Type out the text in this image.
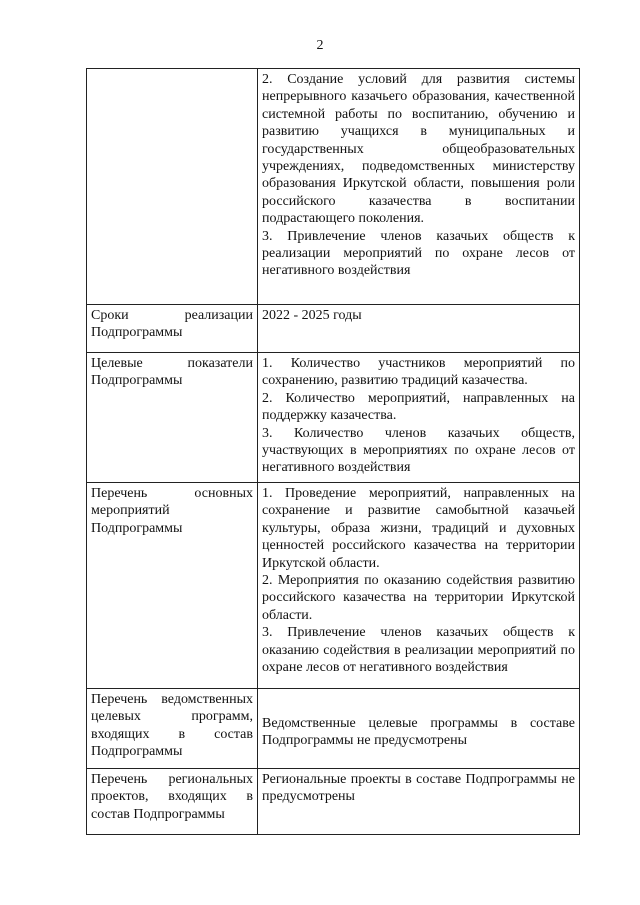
2

	2. Создание условий для развития системы непрерывного казачьего образования, качественной системной работы по воспитанию, обучению и развитию учащихся в муниципальных и государственных общеобразовательных учреждениях, подведомственных министерству образования Иркутской области, повышения роли российского казачества в воспитании подрастающего поколения.

3. Привлечение членов казачьих обществ к реализации мероприятий по охране лесов от негативного воздействия

Сроки реализации Подпрограммы	2022 - 2025 годы

Целевые показатели Подпрограммы	1. Количество участников мероприятий по сохранению, развитию традиций казачества.

2. Количество мероприятий, направленных на поддержку казачества.

3. Количество членов казачьих обществ, участвующих в мероприятиях по охране лесов от негативного воздействия

Перечень основных мероприятий Подпрограммы	1. Проведение мероприятий, направленных на сохранение и развитие самобытной казачьей культуры, образа жизни, традиций и духовных ценностей российского казачества на территории Иркутской области.

2. Мероприятия по оказанию содействия развитию российского казачества на территории Иркутской области.

3. Привлечение членов казачьих обществ к оказанию содействия в реализации мероприятий по охране лесов от негативного воздействия

Перечень ведомственных целевых программ, входящих в состав Подпрограммы	Ведомственные целевые программы в составе Подпрограммы не предусмотрены

Перечень региональных проектов, входящих в состав Подпрограммы	Региональные проекты в составе Подпрограммы не предусмотрены
